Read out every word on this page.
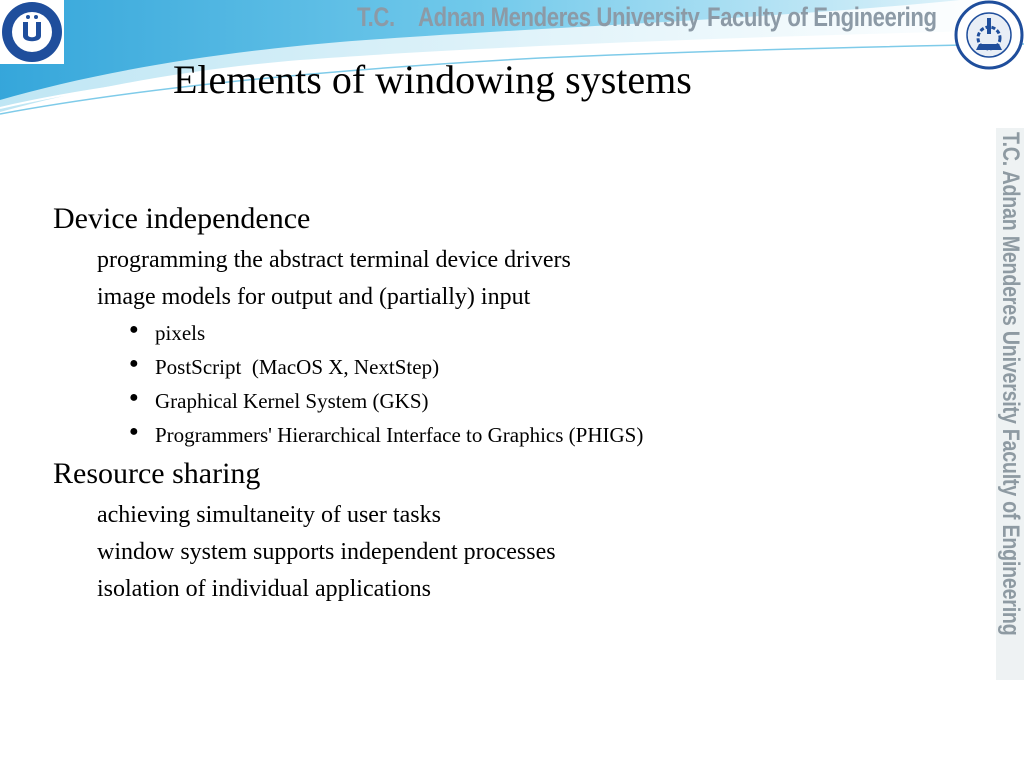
T.C. Adnan Menderes University Faculty of Engineering
T.C. Adnan Menderes University Faculty of Engineering
Elements of windowing systems
Device independence
programming the abstract terminal device drivers
image models for output and (partially) input
● pixels
● PostScript  (MacOS X, NextStep)
● Graphical Kernel System (GKS)
● Programmers' Hierarchical Interface to Graphics (PHIGS)
Resource sharing
achieving simultaneity of user tasks
window system supports independent processes
isolation of individual applications
